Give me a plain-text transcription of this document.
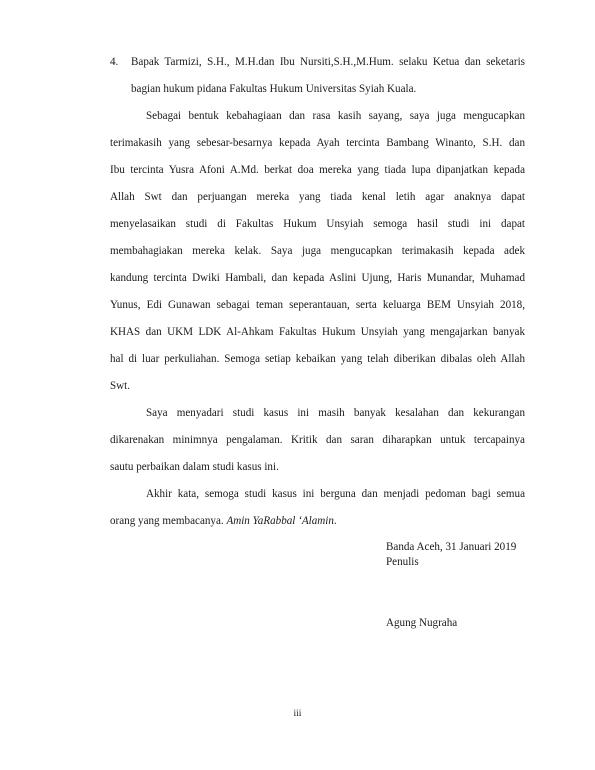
4. Bapak Tarmizi, S.H., M.H.dan Ibu Nursiti,S.H.,M.Hum. selaku Ketua dan seketaris
bagian hukum pidana Fakultas Hukum Universitas Syiah Kuala.
Sebagai bentuk kebahagiaan dan rasa kasih sayang, saya juga mengucapkan
terimakasih yang sebesar-besarnya kepada Ayah tercinta Bambang Winanto, S.H. dan
Ibu tercinta Yusra Afoni A.Md. berkat doa mereka yang tiada lupa dipanjatkan kepada
Allah Swt dan perjuangan mereka yang tiada kenal letih agar anaknya dapat
menyelasaikan studi di Fakultas Hukum Unsyiah semoga hasil studi ini dapat
membahagiakan mereka kelak. Saya juga mengucapkan terimakasih kepada adek
kandung tercinta Dwiki Hambali, dan kepada Aslini Ujung, Haris Munandar, Muhamad
Yunus, Edi Gunawan sebagai teman seperantauan, serta keluarga BEM Unsyiah 2018,
KHAS dan UKM LDK Al-Ahkam Fakultas Hukum Unsyiah yang mengajarkan banyak
hal di luar perkuliahan. Semoga setiap kebaikan yang telah diberikan dibalas oleh Allah
Swt.
Saya menyadari studi kasus ini masih banyak kesalahan dan kekurangan
dikarenakan minimnya pengalaman. Kritik dan saran diharapkan untuk tercapainya
sautu perbaikan dalam studi kasus ini.
Akhir kata, semoga studi kasus ini berguna dan menjadi pedoman bagi semua
orang yang membacanya. Amin YaRabbal ‘Alamin.
Banda Aceh, 31 Januari 2019
Penulis
Agung Nugraha
iii
